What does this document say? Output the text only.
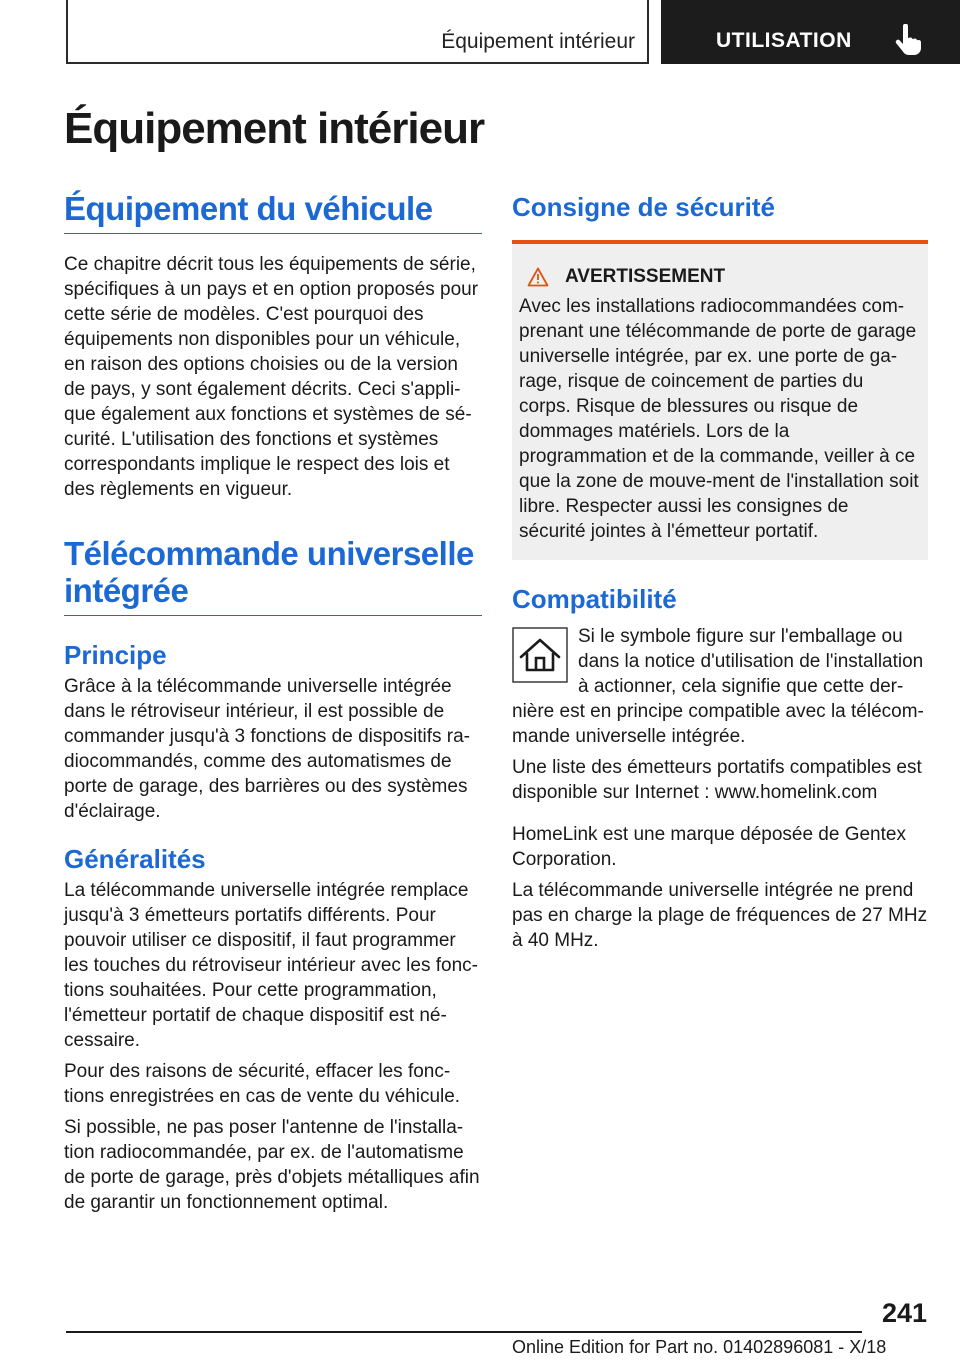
Équipement intérieur	UTILISATION
Équipement intérieur
Équipement du véhicule

Ce chapitre décrit tous les équipements de série, spécifiques à un pays et en option proposés pour cette série de modèles. C'est pourquoi des équipements non disponibles pour un véhicule, en raison des options choisies ou de la version de pays, y sont également décrits. Ceci s'appli‐que également aux fonctions et systèmes de sé‐curité. L'utilisation des fonctions et systèmes correspondants implique le respect des lois et des règlements en vigueur.

Télécommande universelle intégrée
Principe

Grâce à la télécommande universelle intégrée dans le rétroviseur intérieur, il est possible de commander jusqu'à 3 fonctions de dispositifs ra‐diocommandés, comme des automatismes de porte de garage, des barrières ou des systèmes d'éclairage.

Généralités

La télécommande universelle intégrée remplace jusqu'à 3 émetteurs portatifs différents. Pour pouvoir utiliser ce dispositif, il faut programmer les touches du rétroviseur intérieur avec les fonc‐tions souhaitées. Pour cette programmation, l'émetteur portatif de chaque dispositif est né‐cessaire.

Pour des raisons de sécurité, effacer les fonc‐tions enregistrées en cas de vente du véhicule.

Si possible, ne pas poser l'antenne de l'installa‐tion radiocommandée, par ex. de l'automatisme de porte de garage, près d'objets métalliques afin de garantir un fonctionnement optimal.

Consigne de sécurité
AVERTISSEMENT

Avec les installations radiocommandées com‐prenant une télécommande de porte de garage universelle intégrée, par ex. une porte de ga‐rage, risque de coincement de parties du corps. Risque de blessures ou risque de dommages matériels. Lors de la programmation et de la commande, veiller à ce que la zone de mouve‐ment de l'installation soit libre. Respecter aussi les consignes de sécurité jointes à l'émetteur portatif.

Compatibilité

Si le symbole figure sur l'emballage ou dans la notice d'utilisation de l'installation à actionner, cela signifie que cette der‐nière est en principe compatible avec la télécom‐mande universelle intégrée.

Une liste des émetteurs portatifs compatibles est disponible sur Internet : www.homelink.com

HomeLink est une marque déposée de Gentex Corporation.

La télécommande universelle intégrée ne prend pas en charge la plage de fréquences de 27 MHz à 40 MHz.

241
Online Edition for Part no. 01402896081 - X/18
